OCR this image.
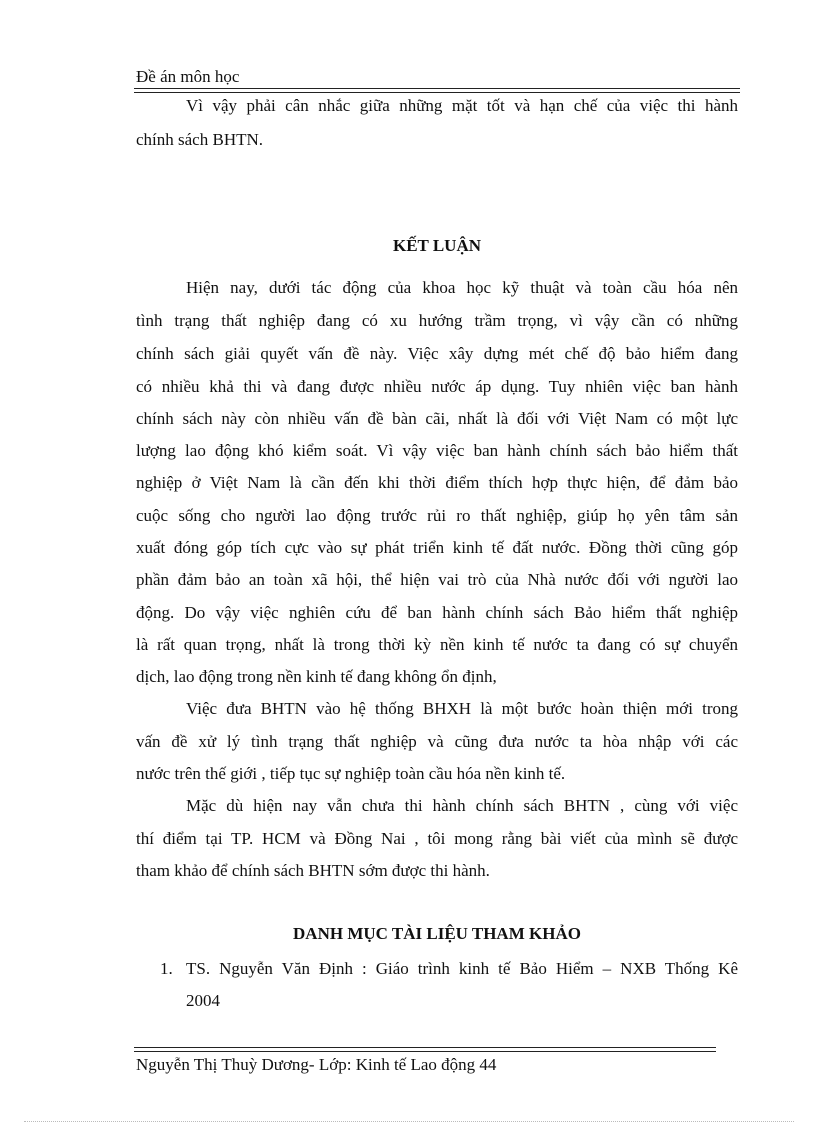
Đề án môn học
Vì vậy phải cân nhắc giữa những mặt tốt và hạn chế của việc thi hành
chính sách BHTN.
KẾT LUẬN
Hiện nay, dưới tác động của khoa học kỹ thuật và toàn cầu hóa nên
tình trạng thất nghiệp đang có xu hướng trầm trọng, vì vậy cần có những
chính sách giải quyết vấn đề này. Việc xây dựng mét chế độ bảo hiểm đang
có nhiều khả thi và đang được nhiều nước áp dụng. Tuy nhiên việc ban hành
chính sách này còn nhiều vấn đề bàn cãi, nhất là đối với Việt Nam có một lực
lượng lao động khó kiểm soát. Vì vậy việc ban hành chính sách bảo hiểm thất
nghiệp ở Việt Nam là cần đến khi thời điểm thích hợp thực hiện, để đảm bảo
cuộc sống cho người lao động trước rủi ro thất nghiệp, giúp họ yên tâm sản
xuất đóng góp tích cực vào sự phát triển kinh tế đất nước. Đồng thời cũng góp
phần đảm bảo an toàn xã hội, thể hiện vai trò của Nhà nước đối với người lao
động. Do vậy việc nghiên cứu để ban hành chính sách Bảo hiểm thất nghiệp
là rất quan trọng, nhất là trong thời kỳ nền kinh tế nước ta đang có sự chuyển
dịch, lao động trong nền kinh tế đang không ổn định,
Việc đưa BHTN vào hệ thống BHXH là một bước hoàn thiện mới trong
vấn đề xử lý tình trạng thất nghiệp và cũng đưa nước ta hòa nhập với các
nước trên thế giới , tiếp tục sự nghiệp toàn cầu hóa nền kinh tế.
Mặc dù hiện nay vẫn chưa thi hành chính sách BHTN , cùng với việc
thí điểm tại TP. HCM và Đồng Nai , tôi mong rằng bài viết của mình sẽ được
tham khảo để chính sách BHTN sớm được thi hành.
DANH MỤC TÀI LIỆU THAM KHẢO
1. TS. Nguyễn Văn Định : Giáo trình kinh tế Bảo Hiểm – NXB Thống Kê
2004
Nguyễn Thị Thuỳ Dương- Lớp: Kinh tế Lao động 44
